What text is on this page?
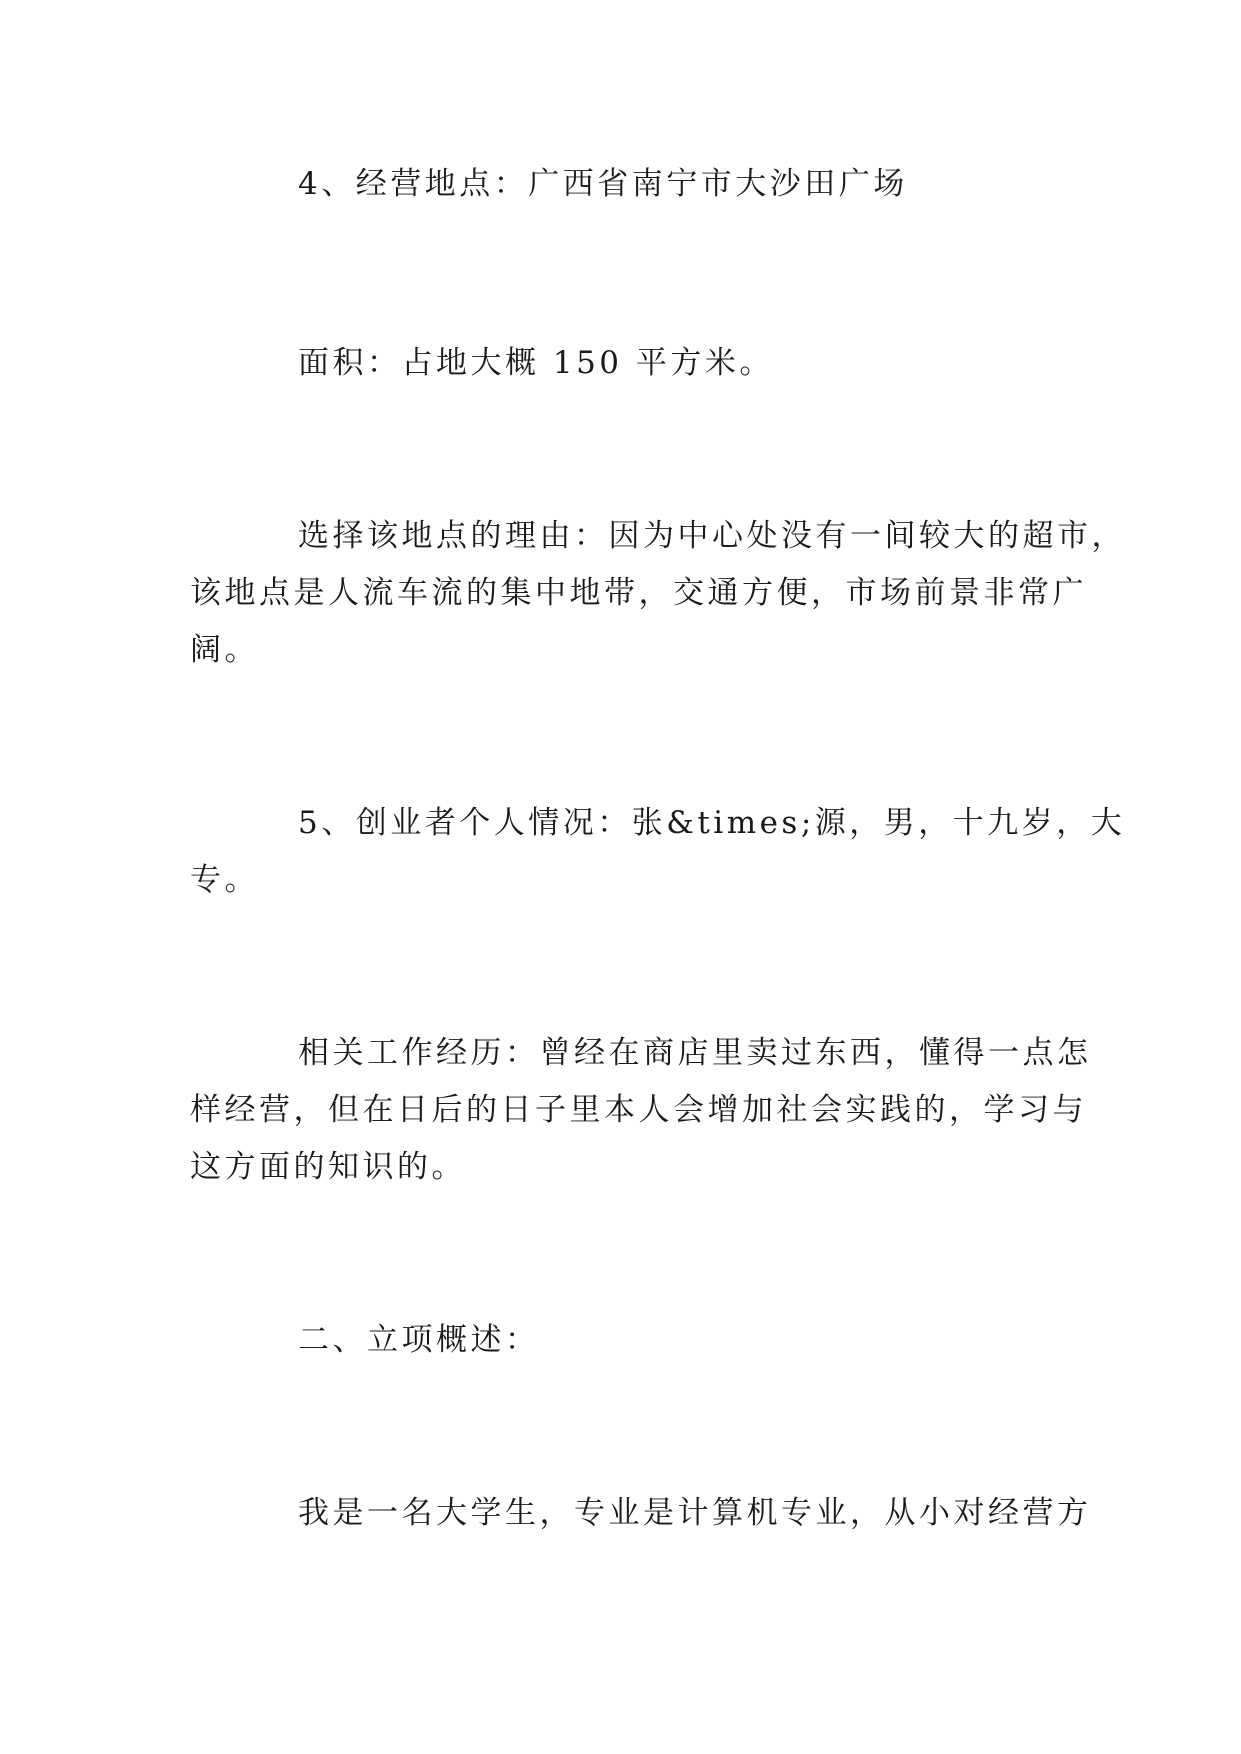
4、经营地点：广西省南宁市大沙田广场
面积：占地大概 150 平方米。
选择该地点的理由：因为中心处没有一间较大的超市，
该地点是人流车流的集中地带，交通方便，市场前景非常广
阔。
5、创业者个人情况：张&times;源，男，十九岁，大
专。
相关工作经历：曾经在商店里卖过东西，懂得一点怎
样经营，但在日后的日子里本人会增加社会实践的，学习与
这方面的知识的。
二、立项概述：
我是一名大学生，专业是计算机专业，从小对经营方
